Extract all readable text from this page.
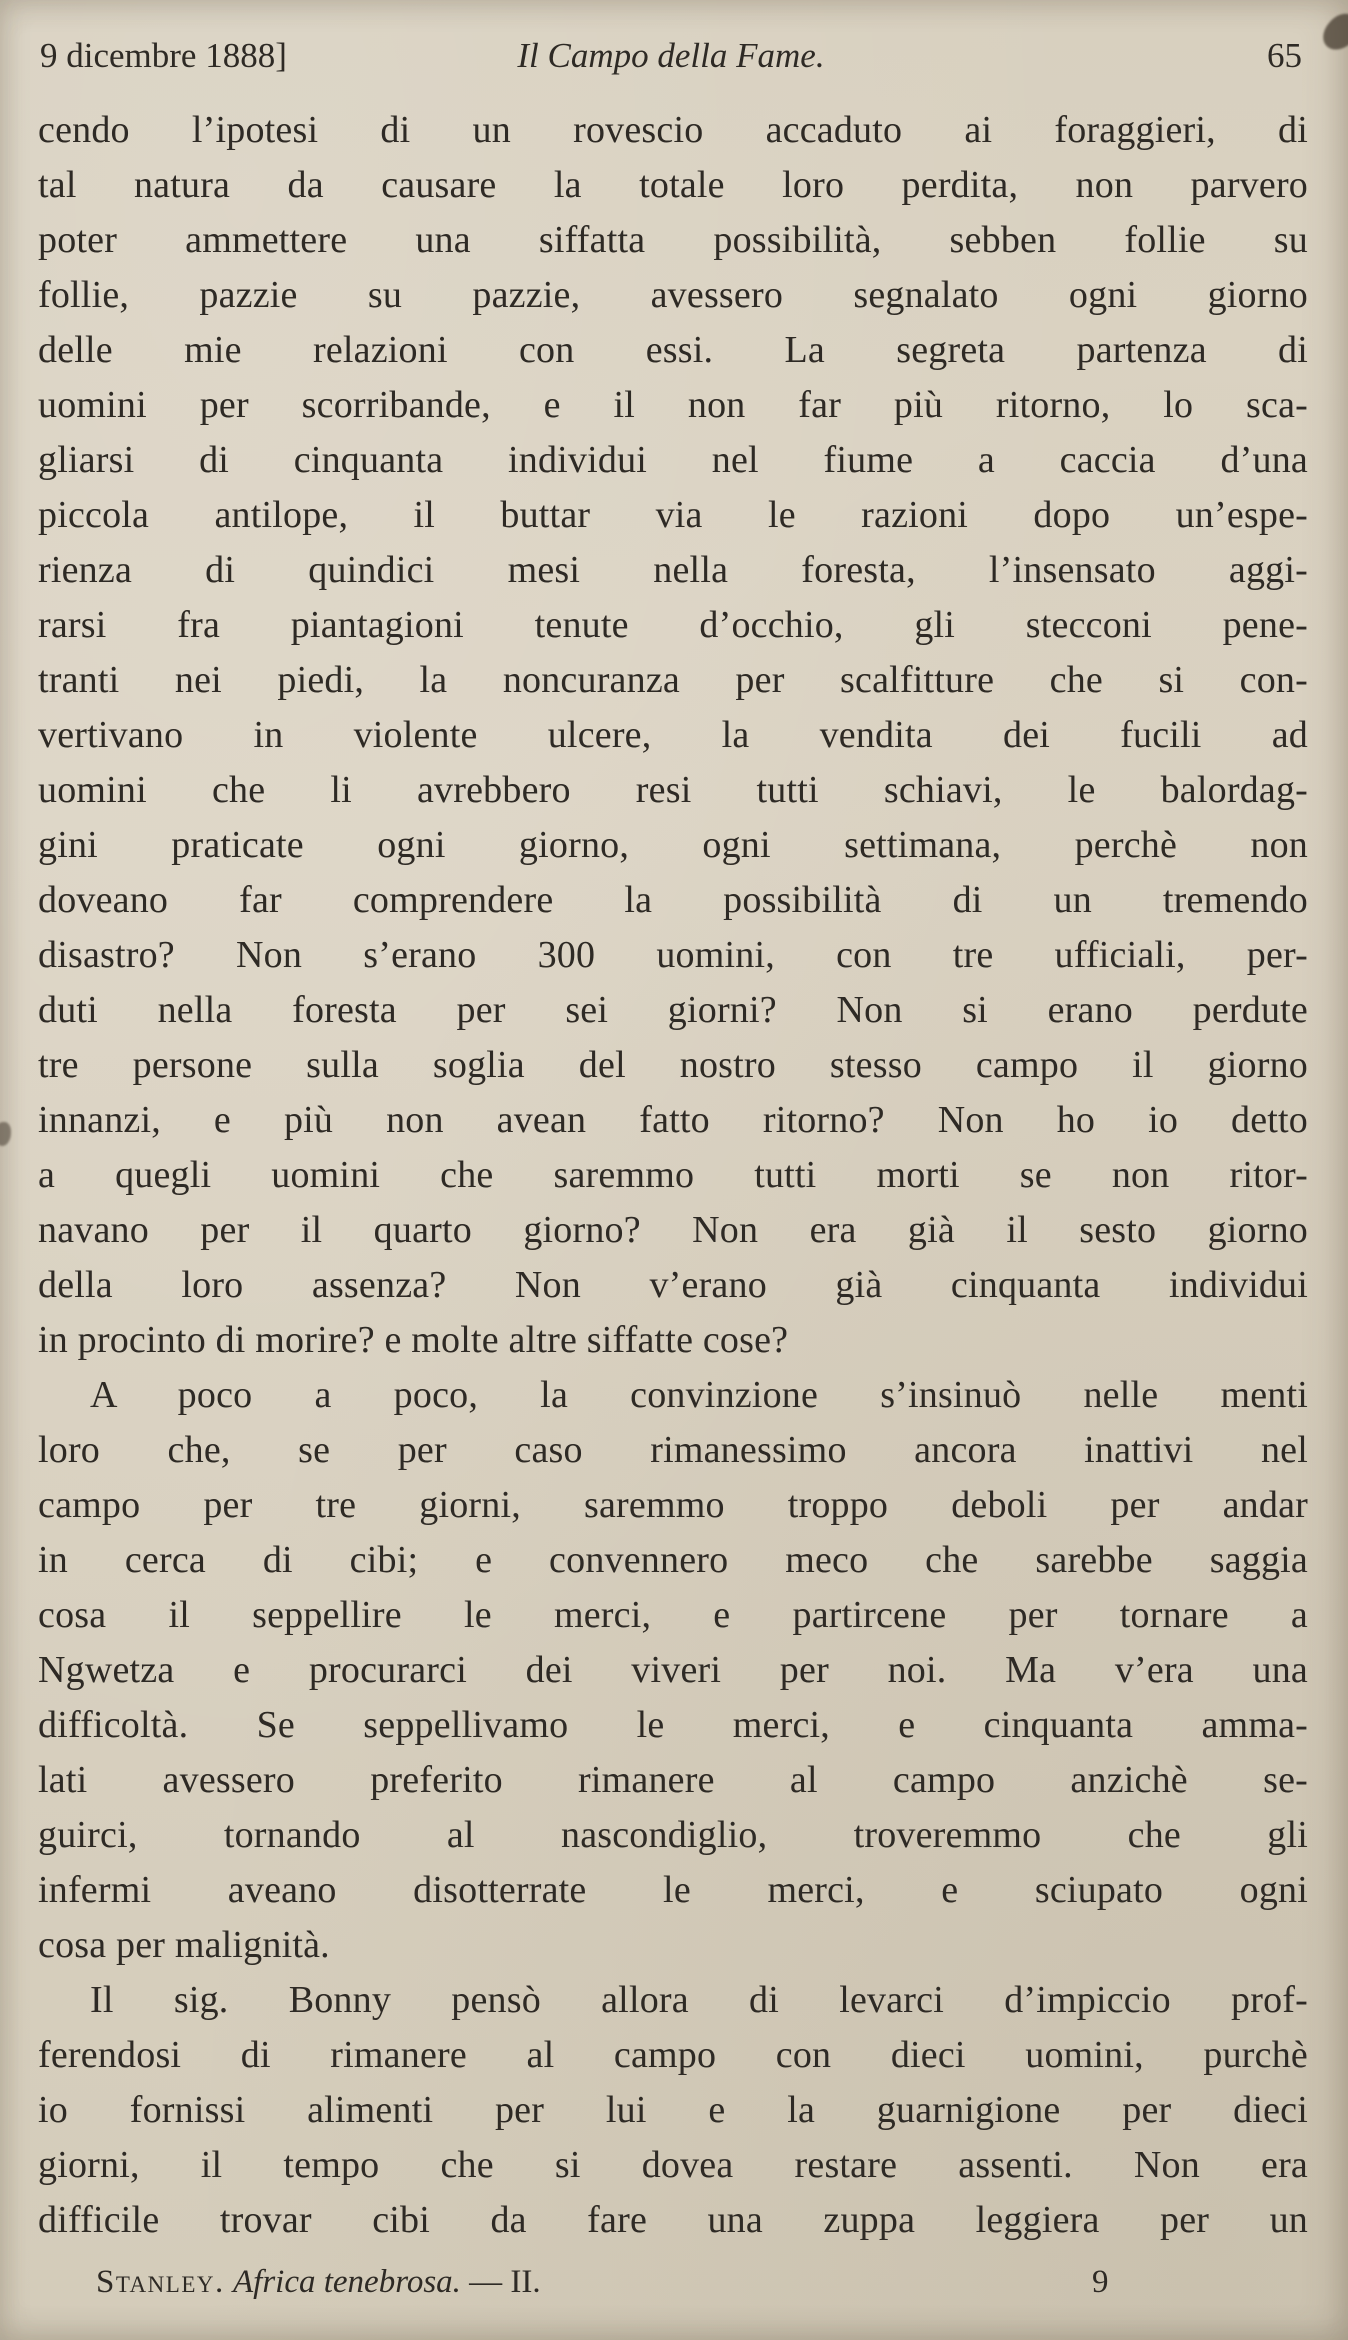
9 dicembre 1888]	Il Campo della Fame.	65
cendo l’ipotesi di un rovescio accaduto ai foraggieri, di
tal natura da causare la totale loro perdita, non parvero
poter ammettere una siffatta possibilità, sebben follie su
follie, pazzie su pazzie, avessero segnalato ogni giorno
delle mie relazioni con essi. La segreta partenza di
uomini per scorribande, e il non far più ritorno, lo sca-
gliarsi di cinquanta individui nel fiume a caccia d’una
piccola antilope, il buttar via le razioni dopo un’espe-
rienza di quindici mesi nella foresta, l’insensato aggi-
rarsi fra piantagioni tenute d’occhio, gli stecconi pene-
tranti nei piedi, la noncuranza per scalfitture che si con-
vertivano in violente ulcere, la vendita dei fucili ad
uomini che li avrebbero resi tutti schiavi, le balordag-
gini praticate ogni giorno, ogni settimana, perchè non
doveano far comprendere la possibilità di un tremendo
disastro? Non s’erano 300 uomini, con tre ufficiali, per-
duti nella foresta per sei giorni? Non si erano perdute
tre persone sulla soglia del nostro stesso campo il giorno
innanzi, e più non avean fatto ritorno? Non ho io detto
a quegli uomini che saremmo tutti morti se non ritor-
navano per il quarto giorno? Non era già il sesto giorno
della loro assenza? Non v’erano già cinquanta individui
in procinto di morire? e molte altre siffatte cose?
A poco a poco, la convinzione s’insinuò nelle menti
loro che, se per caso rimanessimo ancora inattivi nel
campo per tre giorni, saremmo troppo deboli per andar
in cerca di cibi; e convennero meco che sarebbe saggia
cosa il seppellire le merci, e partircene per tornare a
Ngwetza e procurarci dei viveri per noi. Ma v’era una
difficoltà. Se seppellivamo le merci, e cinquanta amma-
lati avessero preferito rimanere al campo anzichè se-
guirci, tornando al nascondiglio, troveremmo che gli
infermi aveano disotterrate le merci, e sciupato ogni
cosa per malignità.
Il sig. Bonny pensò allora di levarci d’impiccio prof-
ferendosi di rimanere al campo con dieci uomini, purchè
io fornissi alimenti per lui e la guarnigione per dieci
giorni, il tempo che si dovea restare assenti. Non era
difficile trovar cibi da fare una zuppa leggiera per un
Stanley. Africa tenebrosa. — II.	9
